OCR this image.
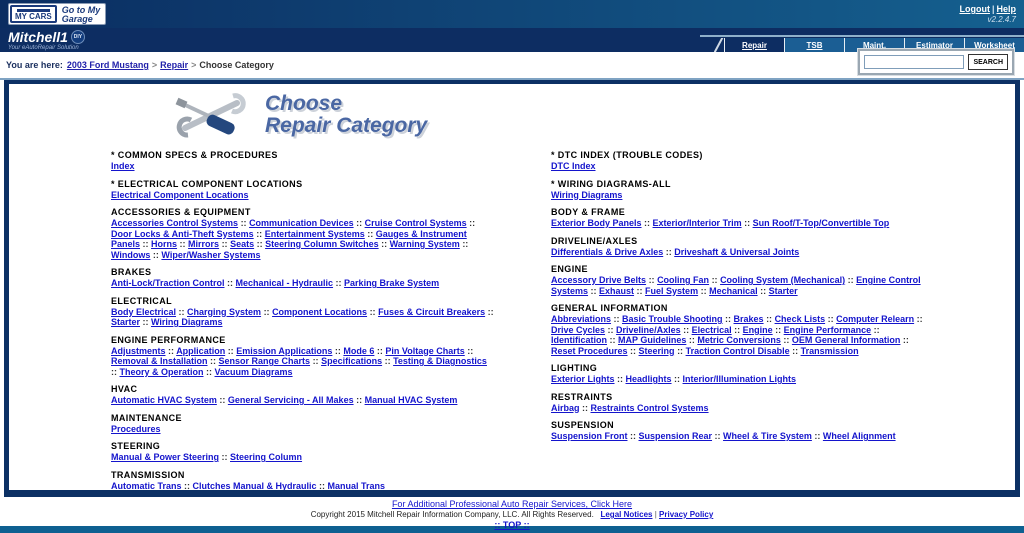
MY CARS
Go to My
Garage
Logout | Help
v2.2.4.7
Mitchell1	DIY
Your eAutoRepair Solution	Repair	TSB	Maint.	Estimator	Worksheet
You are here: 2003 Ford Mustang > Repair > Choose Category	SEARCH
Choose
Repair Category
* COMMON SPECS & PROCEDURES
Index
* ELECTRICAL COMPONENT LOCATIONS
Electrical Component Locations
ACCESSORIES & EQUIPMENT
Accessories Control Systems :: Communication Devices :: Cruise Control Systems :: Door Locks & Anti-Theft Systems :: Entertainment Systems :: Gauges & Instrument Panels :: Horns :: Mirrors :: Seats :: Steering Column Switches :: Warning System :: Windows :: Wiper/Washer Systems
BRAKES
Anti-Lock/Traction Control :: Mechanical - Hydraulic :: Parking Brake System
ELECTRICAL
Body Electrical :: Charging System :: Component Locations :: Fuses & Circuit Breakers :: Starter :: Wiring Diagrams
ENGINE PERFORMANCE
Adjustments :: Application :: Emission Applications :: Mode 6 :: Pin Voltage Charts :: Removal & Installation :: Sensor Range Charts :: Specifications :: Testing & Diagnostics :: Theory & Operation :: Vacuum Diagrams
HVAC
Automatic HVAC System :: General Servicing - All Makes :: Manual HVAC System
MAINTENANCE
Procedures
STEERING
Manual & Power Steering :: Steering Column
TRANSMISSION
Automatic Trans :: Clutches Manual & Hydraulic :: Manual Trans
* DTC INDEX (TROUBLE CODES)
DTC Index
* WIRING DIAGRAMS-ALL
Wiring Diagrams
BODY & FRAME
Exterior Body Panels :: Exterior/Interior Trim :: Sun Roof/T-Top/Convertible Top
DRIVELINE/AXLES
Differentials & Drive Axles :: Driveshaft & Universal Joints
ENGINE
Accessory Drive Belts :: Cooling Fan :: Cooling System (Mechanical) :: Engine Control Systems :: Exhaust :: Fuel System :: Mechanical :: Starter
GENERAL INFORMATION
Abbreviations :: Basic Trouble Shooting :: Brakes :: Check Lists :: Computer Relearn :: Drive Cycles :: Driveline/Axles :: Electrical :: Engine :: Engine Performance :: Identification :: MAP Guidelines :: Metric Conversions :: OEM General Information :: Reset Procedures :: Steering :: Traction Control Disable :: Transmission
LIGHTING
Exterior Lights :: Headlights :: Interior/Illumination Lights
RESTRAINTS
Airbag :: Restraints Control Systems
SUSPENSION
Suspension Front :: Suspension Rear :: Wheel & Tire System :: Wheel Alignment
For Additional Professional Auto Repair Services, Click Here
Copyright 2015 Mitchell Repair Information Company, LLC. All Rights Reserved. Legal Notices | Privacy Policy
:: TOP ::
